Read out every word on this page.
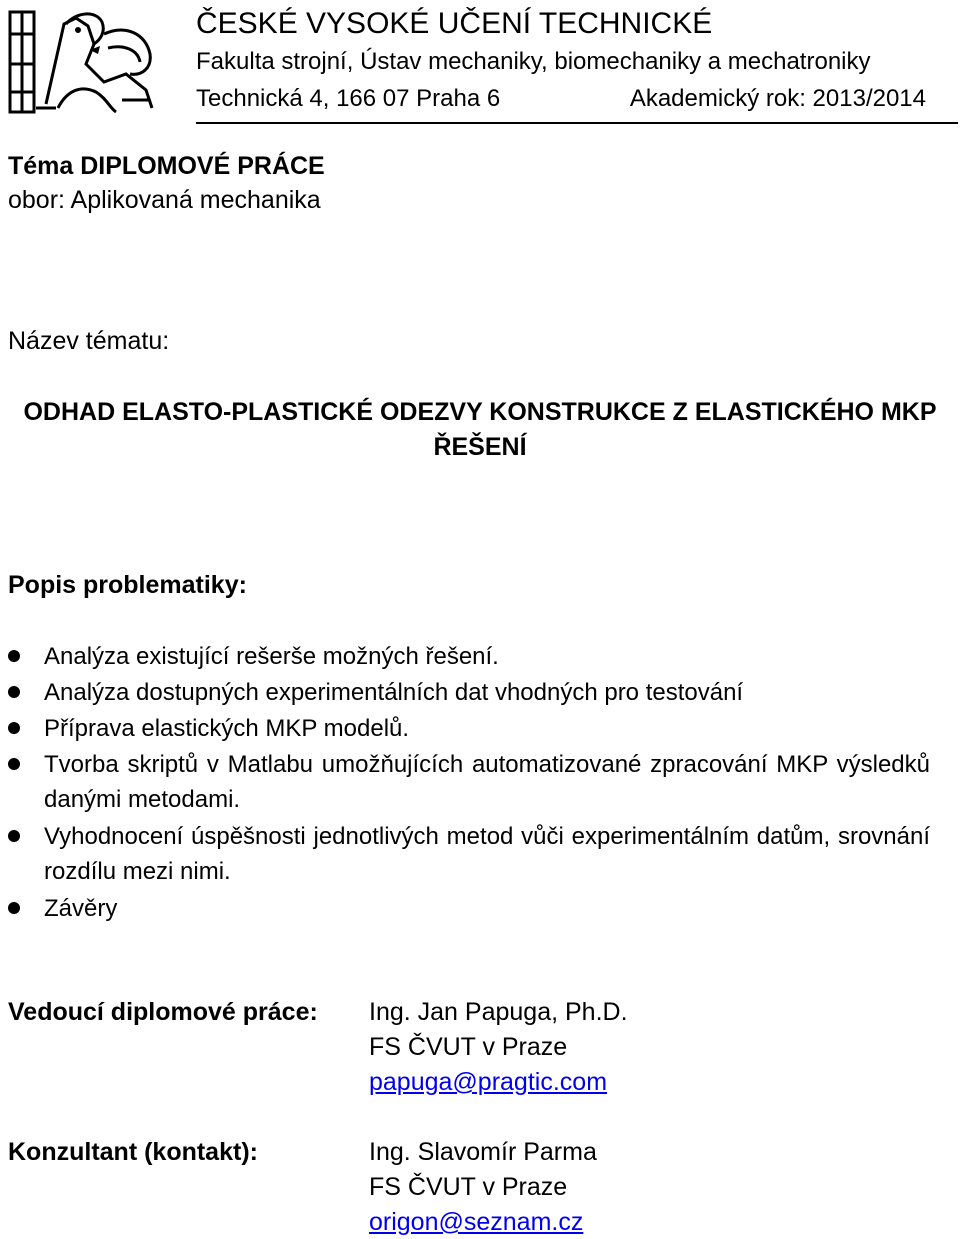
ČESKÉ VYSOKÉ UČENÍ TECHNICKÉ
Fakulta strojní, Ústav mechaniky, biomechaniky a mechatroniky
Technická 4, 166 07 Praha 6	Akademický rok: 2013/2014
Téma DIPLOMOVÉ PRÁCE
obor: Aplikovaná mechanika
Název tématu:
ODHAD ELASTO-PLASTICKÉ ODEZVY KONSTRUKCE Z ELASTICKÉHO MKP
ŘEŠENÍ
Popis problematiky:
Analýza existující rešerše možných řešení.
Analýza dostupných experimentálních dat vhodných pro testování
Příprava elastických MKP modelů.
Tvorba skriptů v Matlabu umožňujících automatizované zpracování MKP výsledků danými metodami.
Vyhodnocení úspěšnosti jednotlivých metod vůči experimentálním datům, srovnání rozdílu mezi nimi.
Závěry
Vedoucí diplomové práce: Ing. Jan Papuga, Ph.D.
FS ČVUT v Praze
papuga@pragtic.com
Konzultant (kontakt):	Ing. Slavomír Parma
FS ČVUT v Praze
origon@seznam.cz
